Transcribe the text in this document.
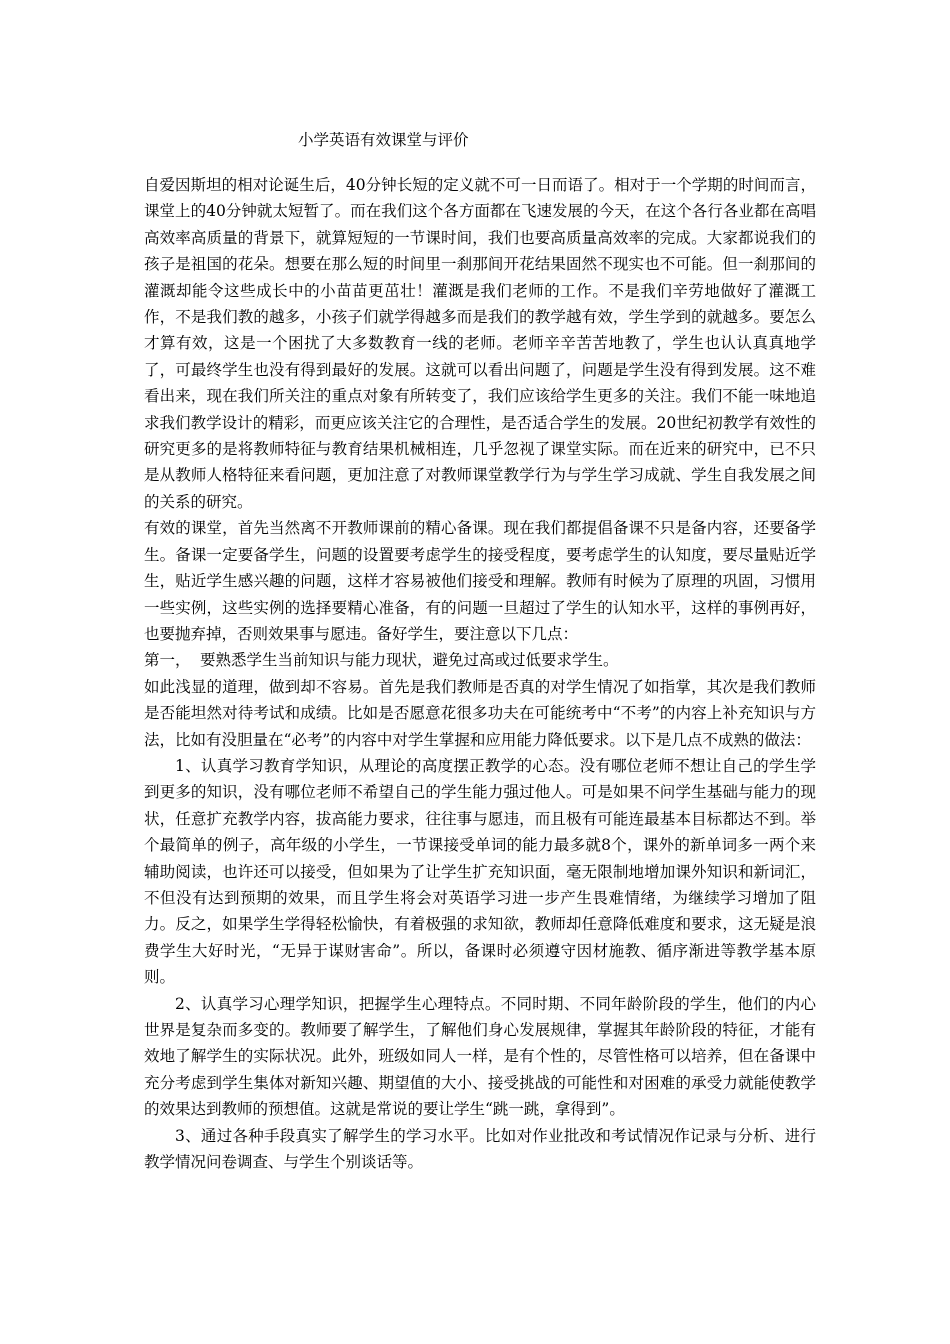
小学英语有效课堂与评价

自爱因斯坦的相对论诞生后，40分钟长短的定义就不可一日而语了。相对于一个学期的时间而言，课堂上的40分钟就太短暂了。而在我们这个各方面都在飞速发展的今天，在这个各行各业都在高唱高效率高质量的背景下，就算短短的一节课时间，我们也要高质量高效率的完成。大家都说我们的孩子是祖国的花朵。想要在那么短的时间里一刹那间开花结果固然不现实也不可能。但一刹那间的灌溉却能令这些成长中的小苗苗更茁壮！灌溉是我们老师的工作。不是我们辛劳地做好了灌溉工作，不是我们教的越多，小孩子们就学得越多而是我们的教学越有效，学生学到的就越多。要怎么才算有效，这是一个困扰了大多数教育一线的老师。老师辛辛苦苦地教了，学生也认认真真地学了，可最终学生也没有得到最好的发展。这就可以看出问题了，问题是学生没有得到发展。这不难看出来，现在我们所关注的重点对象有所转变了，我们应该给学生更多的关注。我们不能一味地追求我们教学设计的精彩，而更应该关注它的合理性，是否适合学生的发展。20世纪初教学有效性的研究更多的是将教师特征与教育结果机械相连，几乎忽视了课堂实际。而在近来的研究中，已不只是从教师人格特征来看问题，更加注意了对教师课堂教学行为与学生学习成就、学生自我发展之间的关系的研究。

有效的课堂，首先当然离不开教师课前的精心备课。现在我们都提倡备课不只是备内容，还要备学生。备课一定要备学生，问题的设置要考虑学生的接受程度，要考虑学生的认知度，要尽量贴近学生，贴近学生感兴趣的问题，这样才容易被他们接受和理解。教师有时候为了原理的巩固，习惯用一些实例，这些实例的选择要精心准备，有的问题一旦超过了学生的认知水平，这样的事例再好，也要抛弃掉，否则效果事与愿违。备好学生，要注意以下几点：

第一， 要熟悉学生当前知识与能力现状，避免过高或过低要求学生。

如此浅显的道理，做到却不容易。首先是我们教师是否真的对学生情况了如指掌，其次是我们教师是否能坦然对待考试和成绩。比如是否愿意花很多功夫在可能统考中“不考”的内容上补充知识与方法，比如有没胆量在“必考”的内容中对学生掌握和应用能力降低要求。以下是几点不成熟的做法：

1、认真学习教育学知识，从理论的高度摆正教学的心态。没有哪位老师不想让自己的学生学到更多的知识，没有哪位老师不希望自己的学生能力强过他人。可是如果不问学生基础与能力的现状，任意扩充教学内容，拔高能力要求，往往事与愿违，而且极有可能连最基本目标都达不到。举个最简单的例子，高年级的小学生，一节课接受单词的能力最多就8个，课外的新单词多一两个来辅助阅读，也许还可以接受，但如果为了让学生扩充知识面，毫无限制地增加课外知识和新词汇，不但没有达到预期的效果，而且学生将会对英语学习进一步产生畏难情绪，为继续学习增加了阻力。反之，如果学生学得轻松愉快，有着极强的求知欲，教师却任意降低难度和要求，这无疑是浪费学生大好时光，“无异于谋财害命”。所以，备课时必须遵守因材施教、循序渐进等教学基本原则。

2、认真学习心理学知识，把握学生心理特点。不同时期、不同年龄阶段的学生，他们的内心世界是复杂而多变的。教师要了解学生，了解他们身心发展规律，掌握其年龄阶段的特征，才能有效地了解学生的实际状况。此外，班级如同人一样，是有个性的，尽管性格可以培养，但在备课中充分考虑到学生集体对新知兴趣、期望值的大小、接受挑战的可能性和对困难的承受力就能使教学的效果达到教师的预想值。这就是常说的要让学生“跳一跳，拿得到”。

3、通过各种手段真实了解学生的学习水平。比如对作业批改和考试情况作记录与分析、进行教学情况问卷调查、与学生个别谈话等。
